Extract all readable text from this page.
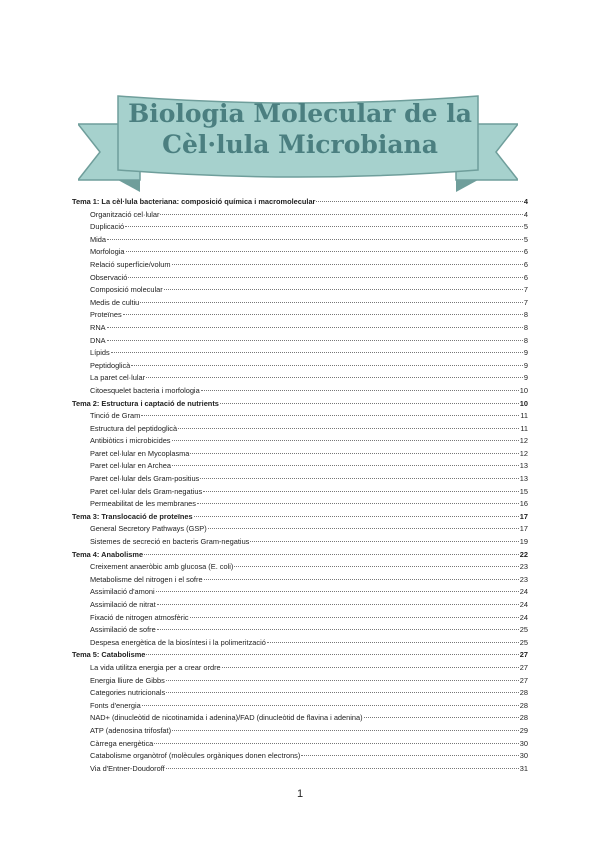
Biologia Molecular de la
Cèl·lula Microbiana
Tema 1: La cèl·lula bacteriana: composició química i macromolecular	4
Organització cel·lular	4
Duplicació	5
Mida	5
Morfologia	6
Relació superfície/volum	6
Observació	6
Composició molecular	7
Medis de cultiu	7
Proteïnes	8
RNA	8
DNA	8
Lípids	9
Peptidoglicà	9
La paret cel·lular	9
Citoesquelet bacteria i morfologia	10
Tema 2: Estructura i captació de nutrients	10
Tinció de Gram	11
Estructura del peptidoglicà	11
Antibiòtics i microbicides	12
Paret cel·lular en Mycoplasma	12
Paret cel·lular en Archea	13
Paret cel·lular dels Gram-positius	13
Paret cel·lular dels Gram-negatius	15
Permeabilitat de les membranes	16
Tema 3: Translocació de proteïnes	17
General Secretory Pathways (GSP)	17
Sistemes de secreció en bacteris Gram-negatius	19
Tema 4: Anabolisme	22
Creixement anaeròbic amb glucosa (E. coli)	23
Metabolisme del nitrogen i el sofre	23
Assimilació d'amoni	24
Assimilació de nitrat	24
Fixació de nitrogen atmosfèric	24
Assimilació de sofre	25
Despesa energètica de la biosíntesi i la polimerització	25
Tema 5: Catabolisme	27
La vida utilitza energia per a crear ordre	27
Energia lliure de Gibbs	27
Categories nutricionals	28
Fonts d'energia	28
NAD+ (dinucleòtid de nicotinamida i adenina)/FAD (dinucleòtid de flavina i adenina)	28
ATP (adenosina trifosfat)	29
Càrrega energètica	30
Catabolisme organòtrof (molècules orgàniques donen electrons)	30
Via d'Entner-Doudoroff	31
1
